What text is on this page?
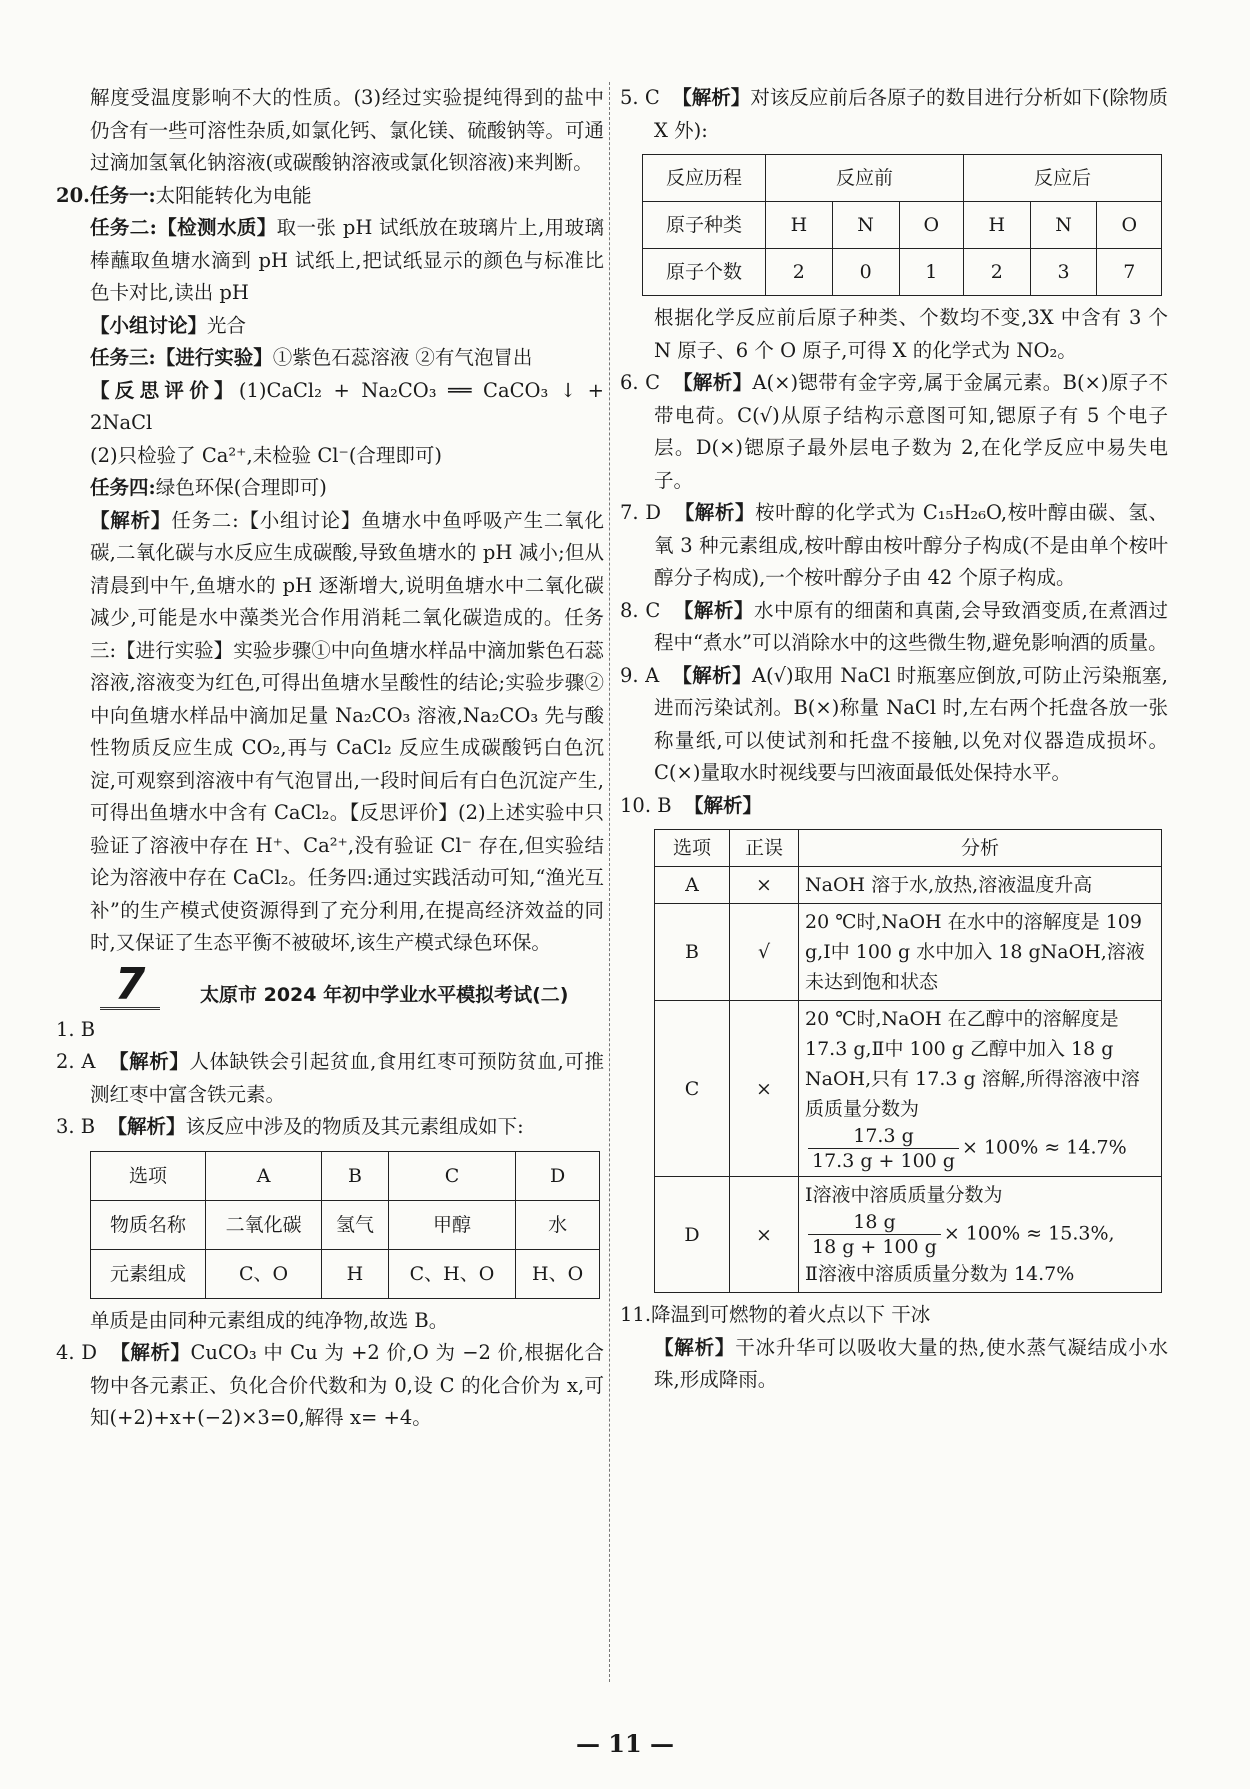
解度受温度影响不大的性质。(3)经过实验提纯得到的盐中仍含有一些可溶性杂质,如氯化钙、氯化镁、硫酸钠等。可通过滴加氢氧化钠溶液(或碳酸钠溶液或氯化钡溶液)来判断。

20.任务一:太阳能转化为电能

任务二:【检测水质】取一张 pH 试纸放在玻璃片上,用玻璃棒蘸取鱼塘水滴到 pH 试纸上,把试纸显示的颜色与标准比色卡对比,读出 pH

【小组讨论】光合

任务三:【进行实验】①紫色石蕊溶液 ②有气泡冒出

【反思评价】(1)CaCl₂ + Na₂CO₃ ══ CaCO₃ ↓ + 2NaCl

(2)只检验了 Ca²⁺,未检验 Cl⁻(合理即可)

任务四:绿色环保(合理即可)

【解析】任务二:【小组讨论】鱼塘水中鱼呼吸产生二氧化碳,二氧化碳与水反应生成碳酸,导致鱼塘水的 pH 减小;但从清晨到中午,鱼塘水的 pH 逐渐增大,说明鱼塘水中二氧化碳减少,可能是水中藻类光合作用消耗二氧化碳造成的。任务三:【进行实验】实验步骤①中向鱼塘水样品中滴加紫色石蕊溶液,溶液变为红色,可得出鱼塘水呈酸性的结论;实验步骤②中向鱼塘水样品中滴加足量 Na₂CO₃ 溶液,Na₂CO₃ 先与酸性物质反应生成 CO₂,再与 CaCl₂ 反应生成碳酸钙白色沉淀,可观察到溶液中有气泡冒出,一段时间后有白色沉淀产生,可得出鱼塘水中含有 CaCl₂。【反思评价】(2)上述实验中只验证了溶液中存在 H⁺、Ca²⁺,没有验证 Cl⁻ 存在,但实验结论为溶液中存在 CaCl₂。任务四:通过实践活动可知,“渔光互补”的生产模式使资源得到了充分利用,在提高经济效益的同时,又保证了生态平衡不被破坏,该生产模式绿色环保。

7	太原市 2024 年初中学业水平模拟考试(二)

1. B

2. A 【解析】人体缺铁会引起贫血,食用红枣可预防贫血,可推测红枣中富含铁元素。

3. B 【解析】该反应中涉及的物质及其元素组成如下:

选项	A	B	C	D
物质名称	二氧化碳	氢气	甲醇	水
元素组成	C、O	H	C、H、O	H、O

单质是由同种元素组成的纯净物,故选 B。

4. D 【解析】CuCO₃ 中 Cu 为 +2 价,O 为 −2 价,根据化合物中各元素正、负化合价代数和为 0,设 C 的化合价为 x,可知(+2)+x+(−2)×3=0,解得 x= +4。

5. C 【解析】对该反应前后各原子的数目进行分析如下(除物质 X 外):

反应历程	反应前			反应后		
原子种类	H	N	O	H	N	O
原子个数	2	0	1	2	3	7

根据化学反应前后原子种类、个数均不变,3X 中含有 3 个 N 原子、6 个 O 原子,可得 X 的化学式为 NO₂。

6. C 【解析】A(×)锶带有金字旁,属于金属元素。B(×)原子不带电荷。C(√)从原子结构示意图可知,锶原子有 5 个电子层。D(×)锶原子最外层电子数为 2,在化学反应中易失电子。

7. D 【解析】桉叶醇的化学式为 C₁₅H₂₆O,桉叶醇由碳、氢、氧 3 种元素组成,桉叶醇由桉叶醇分子构成(不是由单个桉叶醇分子构成),一个桉叶醇分子由 42 个原子构成。

8. C 【解析】水中原有的细菌和真菌,会导致酒变质,在煮酒过程中“煮水”可以消除水中的这些微生物,避免影响酒的质量。

9. A 【解析】A(√)取用 NaCl 时瓶塞应倒放,可防止污染瓶塞,进而污染试剂。B(×)称量 NaCl 时,左右两个托盘各放一张称量纸,可以使试剂和托盘不接触,以免对仪器造成损坏。C(×)量取水时视线要与凹液面最低处保持水平。

10. B 【解析】

选项	正误	分析
A	×	NaOH 溶于水,放热,溶液温度升高
B	√	20 ℃时,NaOH 在水中的溶解度是 109 g,Ⅰ中 100 g 水中加入 18 gNaOH,溶液未达到饱和状态
C	×	20 ℃时,NaOH 在乙醇中的溶解度是 17.3 g,Ⅱ中 100 g 乙醇中加入 18 g NaOH,只有 17.3 g 溶解,所得溶液中溶质质量分数为

$\frac{17.3 g}{17.3 g + 100 g} \times 100\% \approx 14.7\%$
D	×	Ⅰ溶液中溶质质量分数为

$\frac{18 g}{18 g + 100 g} \times 100\% \approx 15.3\%$,
Ⅱ溶液中溶质质量分数为 14.7%

11.降温到可燃物的着火点以下 干冰

【解析】干冰升华可以吸收大量的热,使水蒸气凝结成小水珠,形成降雨。

— 11 —
